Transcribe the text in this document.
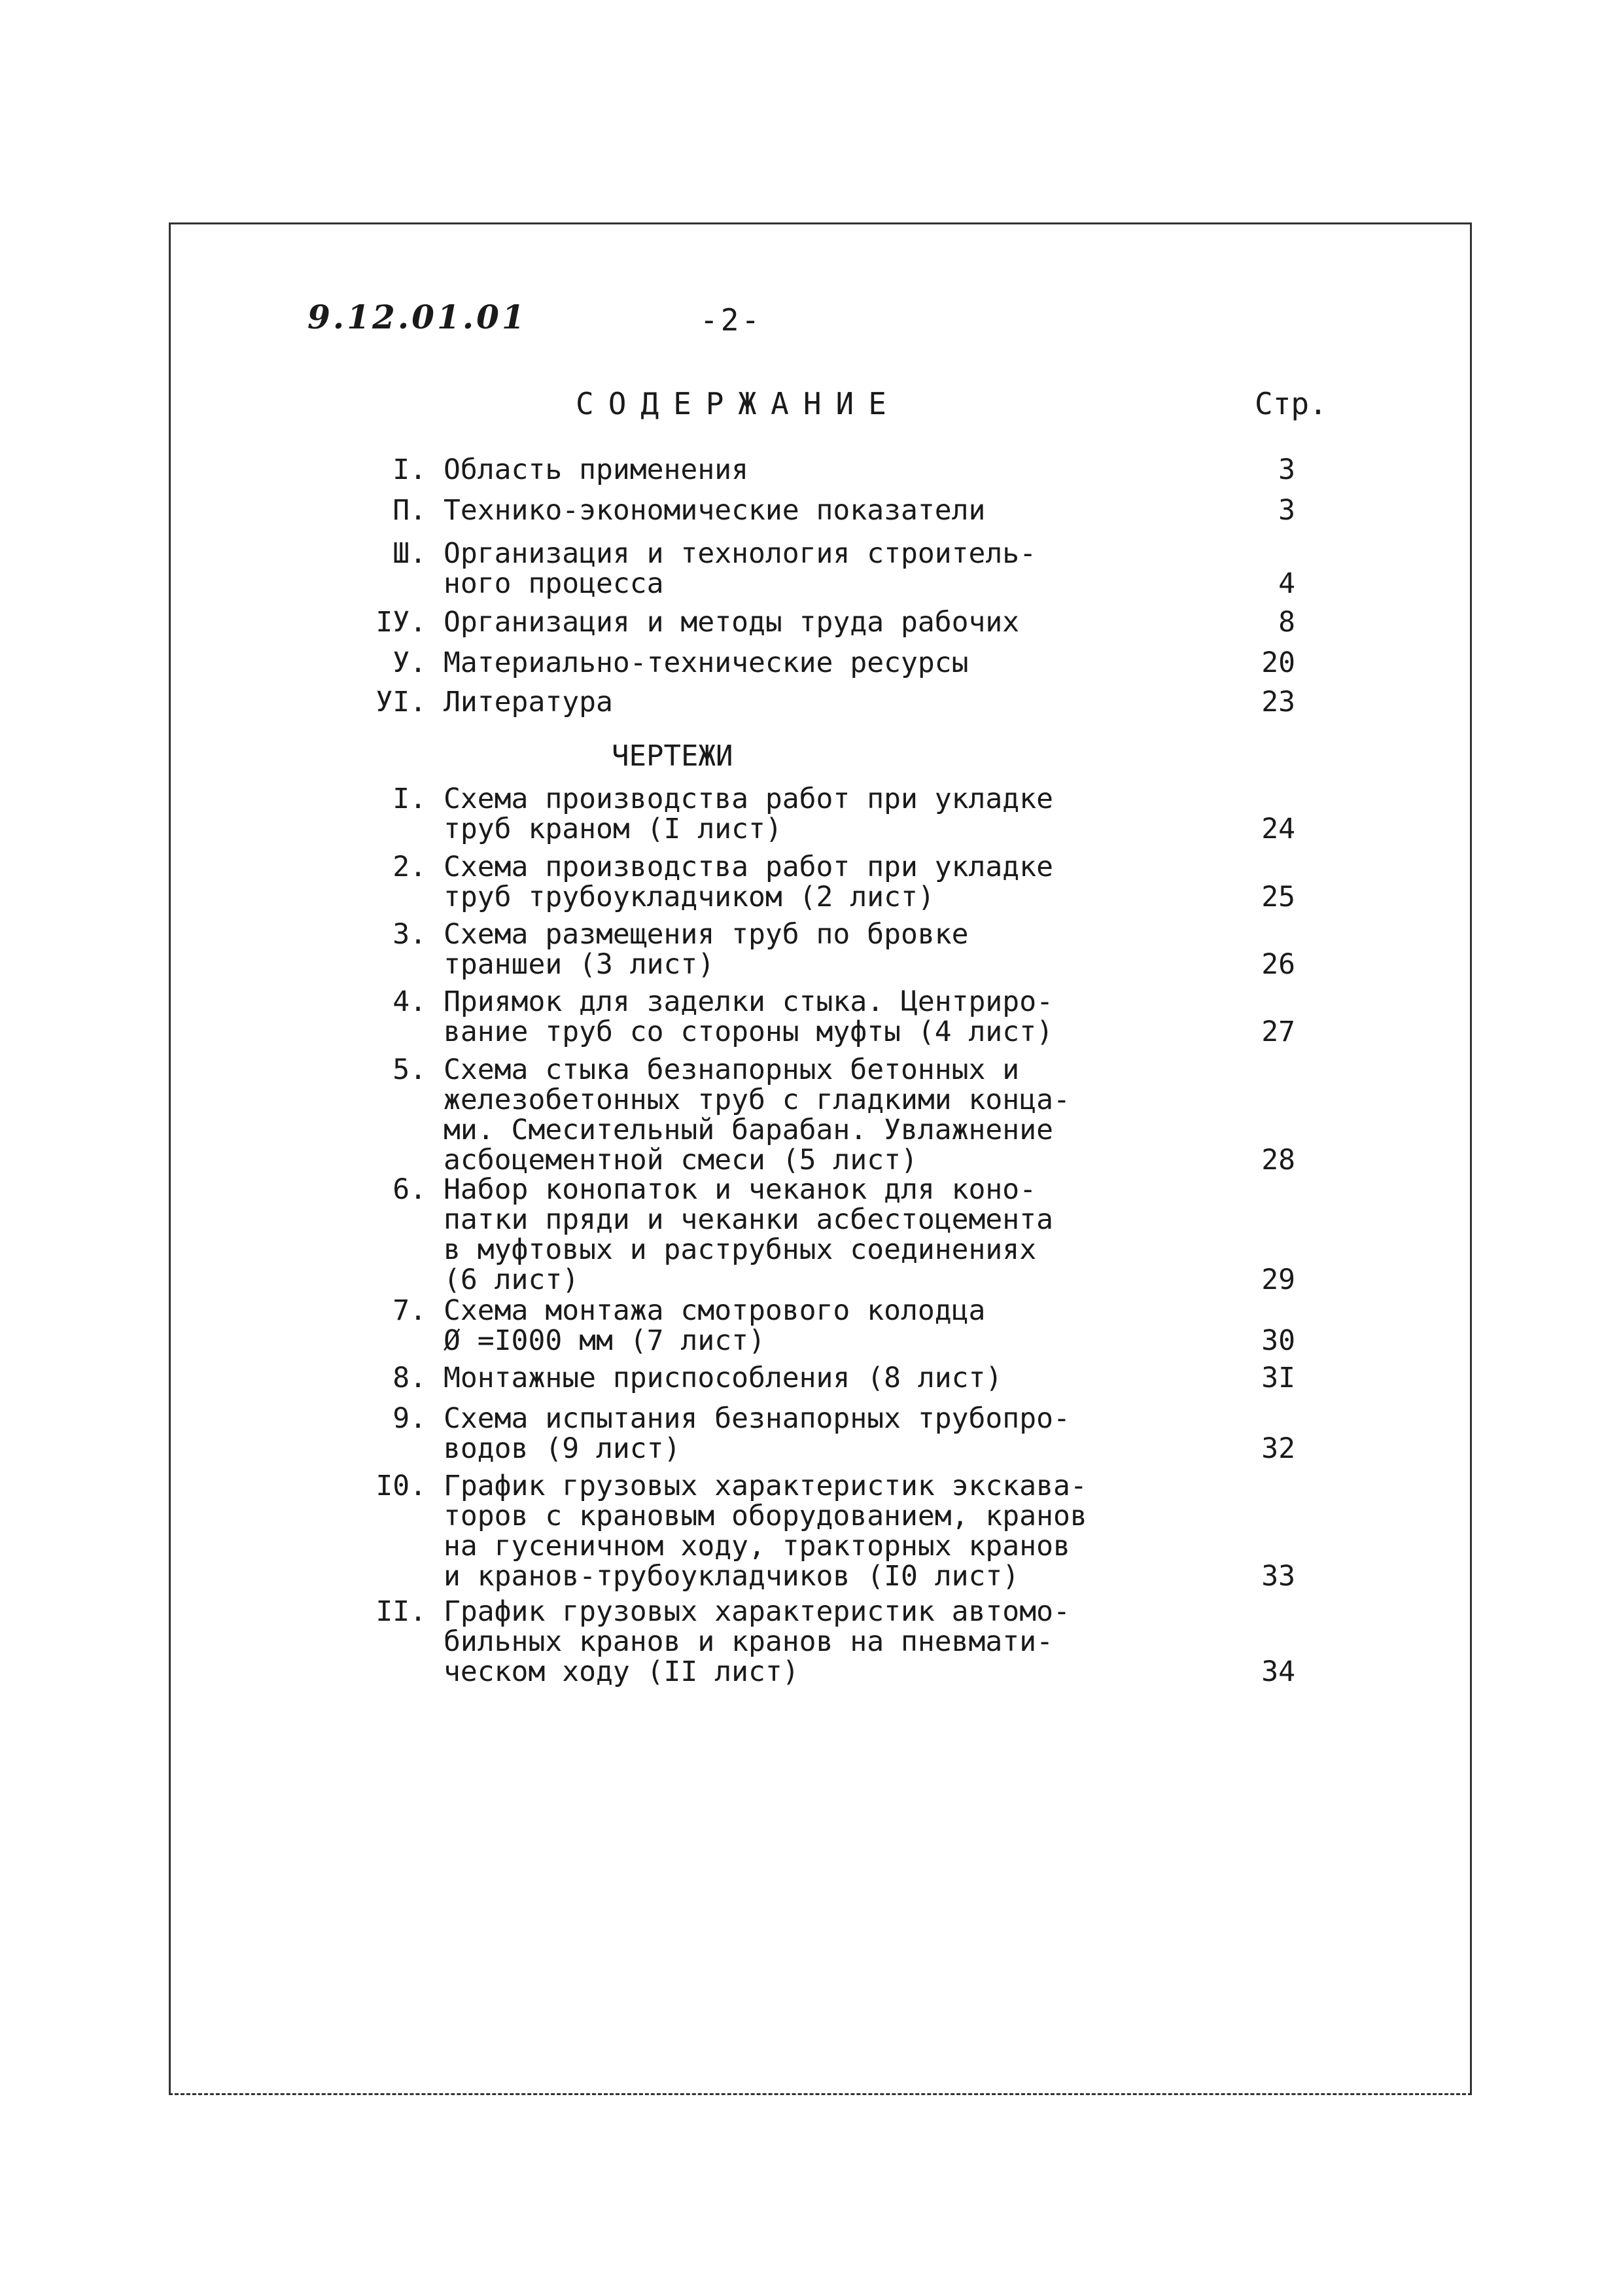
9.12.01.01	-2-
СОДЕРЖАНИЕ	Стр.
I. Область применения	3
П. Технико-экономические показатели	3
Ш. Организация и технология строитель-
ного процесса	4
IУ. Организация и методы труда рабочих	8
У. Материально-технические ресурсы	20
УI. Литература	23
ЧЕРТЕЖИ
I. Схема производства работ при укладке
труб краном (I лист)	24
2. Схема производства работ при укладке
труб трубоукладчиком (2 лист)	25
3. Схема размещения труб по бровке
траншеи (3 лист)	26
4. Приямок для заделки стыка. Центриро-
вание труб со стороны муфты (4 лист)	27
5. Схема стыка безнапорных бетонных и
железобетонных труб с гладкими конца-
ми. Смесительный барабан. Увлажнение
асбоцементной смеси (5 лист)	28
6. Набор конопаток и чеканок для коно-
патки пряди и чеканки асбестоцемента
в муфтовых и раструбных соединениях
(6 лист)	29
7. Схема монтажа смотрового колодца
Ø =I000 мм (7 лист)	30
8. Монтажные приспособления (8 лист)	3I
9. Схема испытания безнапорных трубопро-
водов (9 лист)	32
I0. График грузовых характеристик экскава-
торов с крановым оборудованием, кранов
на гусеничном ходу, тракторных кранов
и кранов-трубоукладчиков (I0 лист)	33
II. График грузовых характеристик автомо-
бильных кранов и кранов на пневмати-
ческом ходу (II лист)	34
